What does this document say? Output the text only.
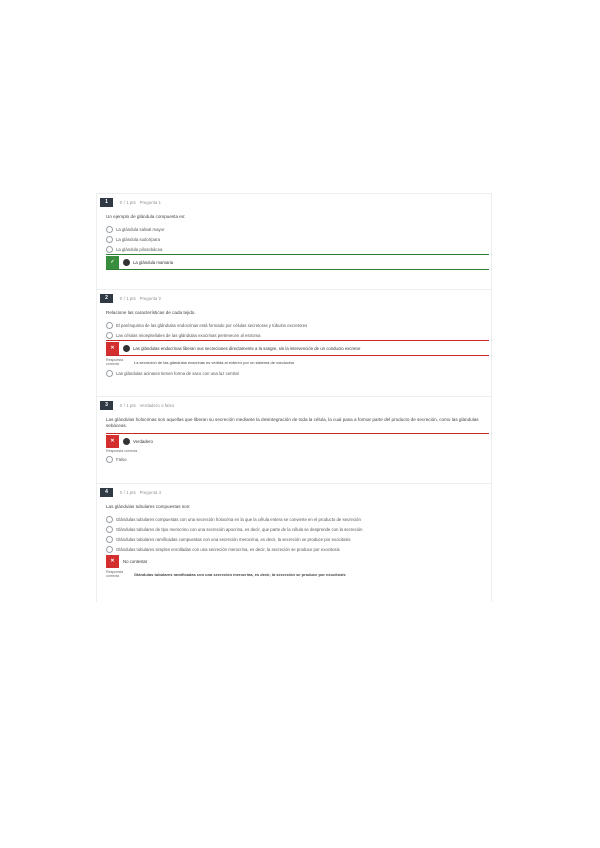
1	0 / 1 pts Pregunta 1
Un ejemplo de glándula compuesta es:
La glándula salival mayor
La glándula sudorípara
La glándula pilosebácea
✓	La glándula mamaria
2	0 / 1 pts Pregunta 2
Relacione las características de cada tejido.
El parénquima de las glándulas endocrinas está formado por células secretoras y túbulos excretores
Las células mioepiteliales de las glándulas exocrinas pertenecen al estroma
✕	Las glándulas endocrinas liberan sus secreciones directamente a la sangre, sin la intervención de un conducto excretor
Respuesta correcta	La secreción de las glándulas exocrinas es vertida al exterior por un sistema de conductos
Las glándulas acinares tienen forma de saco con una luz central
3	0 / 1 pts Verdadero o falso
Las glándulas holocrinas son aquellas que liberan su secreción mediante la desintegración de toda la célula, la cual pasa a formar parte del producto de secreción, como las glándulas sebáceas.
✕	Verdadero
Respuesta correcta
Falso
4	0 / 1 pts Pregunta 4
Las glándulas tubulares compuestas son:
Glándulas tubulares compuestas con una secreción holocrina en la que la célula entera se convierte en el producto de secreción
Glándulas tubulares de tipo merocrino con una secreción apocrina, es decir, que parte de la célula se desprende con la secreción
Glándulas tubulares ramificadas compuestas con una secreción merocrina, es decir, la secreción se produce por exocitosis
Glándulas tubulares simples enrolladas con una secreción merocrina, es decir, la secreción se produce por exocitosis
✕	No contestar
Respuesta correcta	Glándulas tubulares ramificadas con una secreción merocrina, es decir, la secreción se produce por exocitosis
